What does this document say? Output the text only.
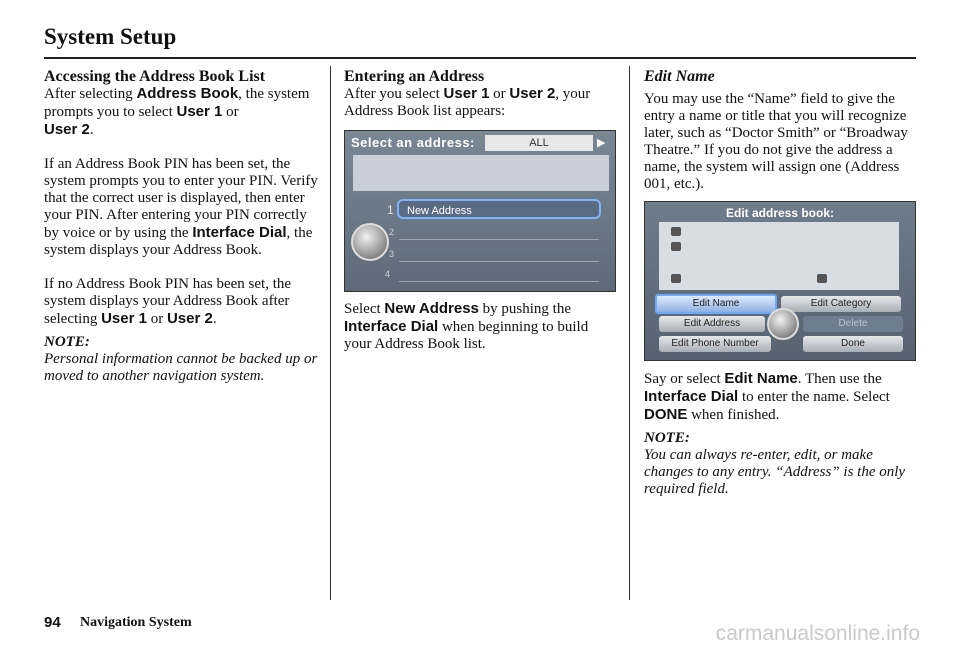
System Setup

Accessing the Address Book List

After selecting Address Book, the system prompts you to select User 1 or
User 2.

If an Address Book PIN has been set, the system prompts you to enter your PIN. Verify that the correct user is displayed, then enter your PIN. After entering your PIN correctly by voice or by using the Interface Dial, the system displays your Address Book.

If no Address Book PIN has been set, the system displays your Address Book after selecting User 1 or User 2.

NOTE:

Personal information cannot be backed up or moved to another navigation system.

Entering an Address

After you select User 1 or User 2, your Address Book list appears:

Select an address:	ALL	▶
1
2
3
4
New Address

Select New Address by pushing the
Interface Dial when beginning to build your Address Book list.

Edit Name

You may use the “Name” field to give the entry a name or title that you will recognize later, such as “Doctor Smith” or “Broadway Theatre.” If you do not give the address a name, the system will assign one (Address 001, etc.).

Edit address book:
Edit Name	Edit Category
Edit Address	Delete
Edit Phone Number	Done

Say or select Edit Name. Then use the
Interface Dial to enter the name. Select DONE when finished.

NOTE:

You can always re-enter, edit, or make changes to any entry. “Address” is the only required field.

94 Navigation System	carmanualsonline.info
